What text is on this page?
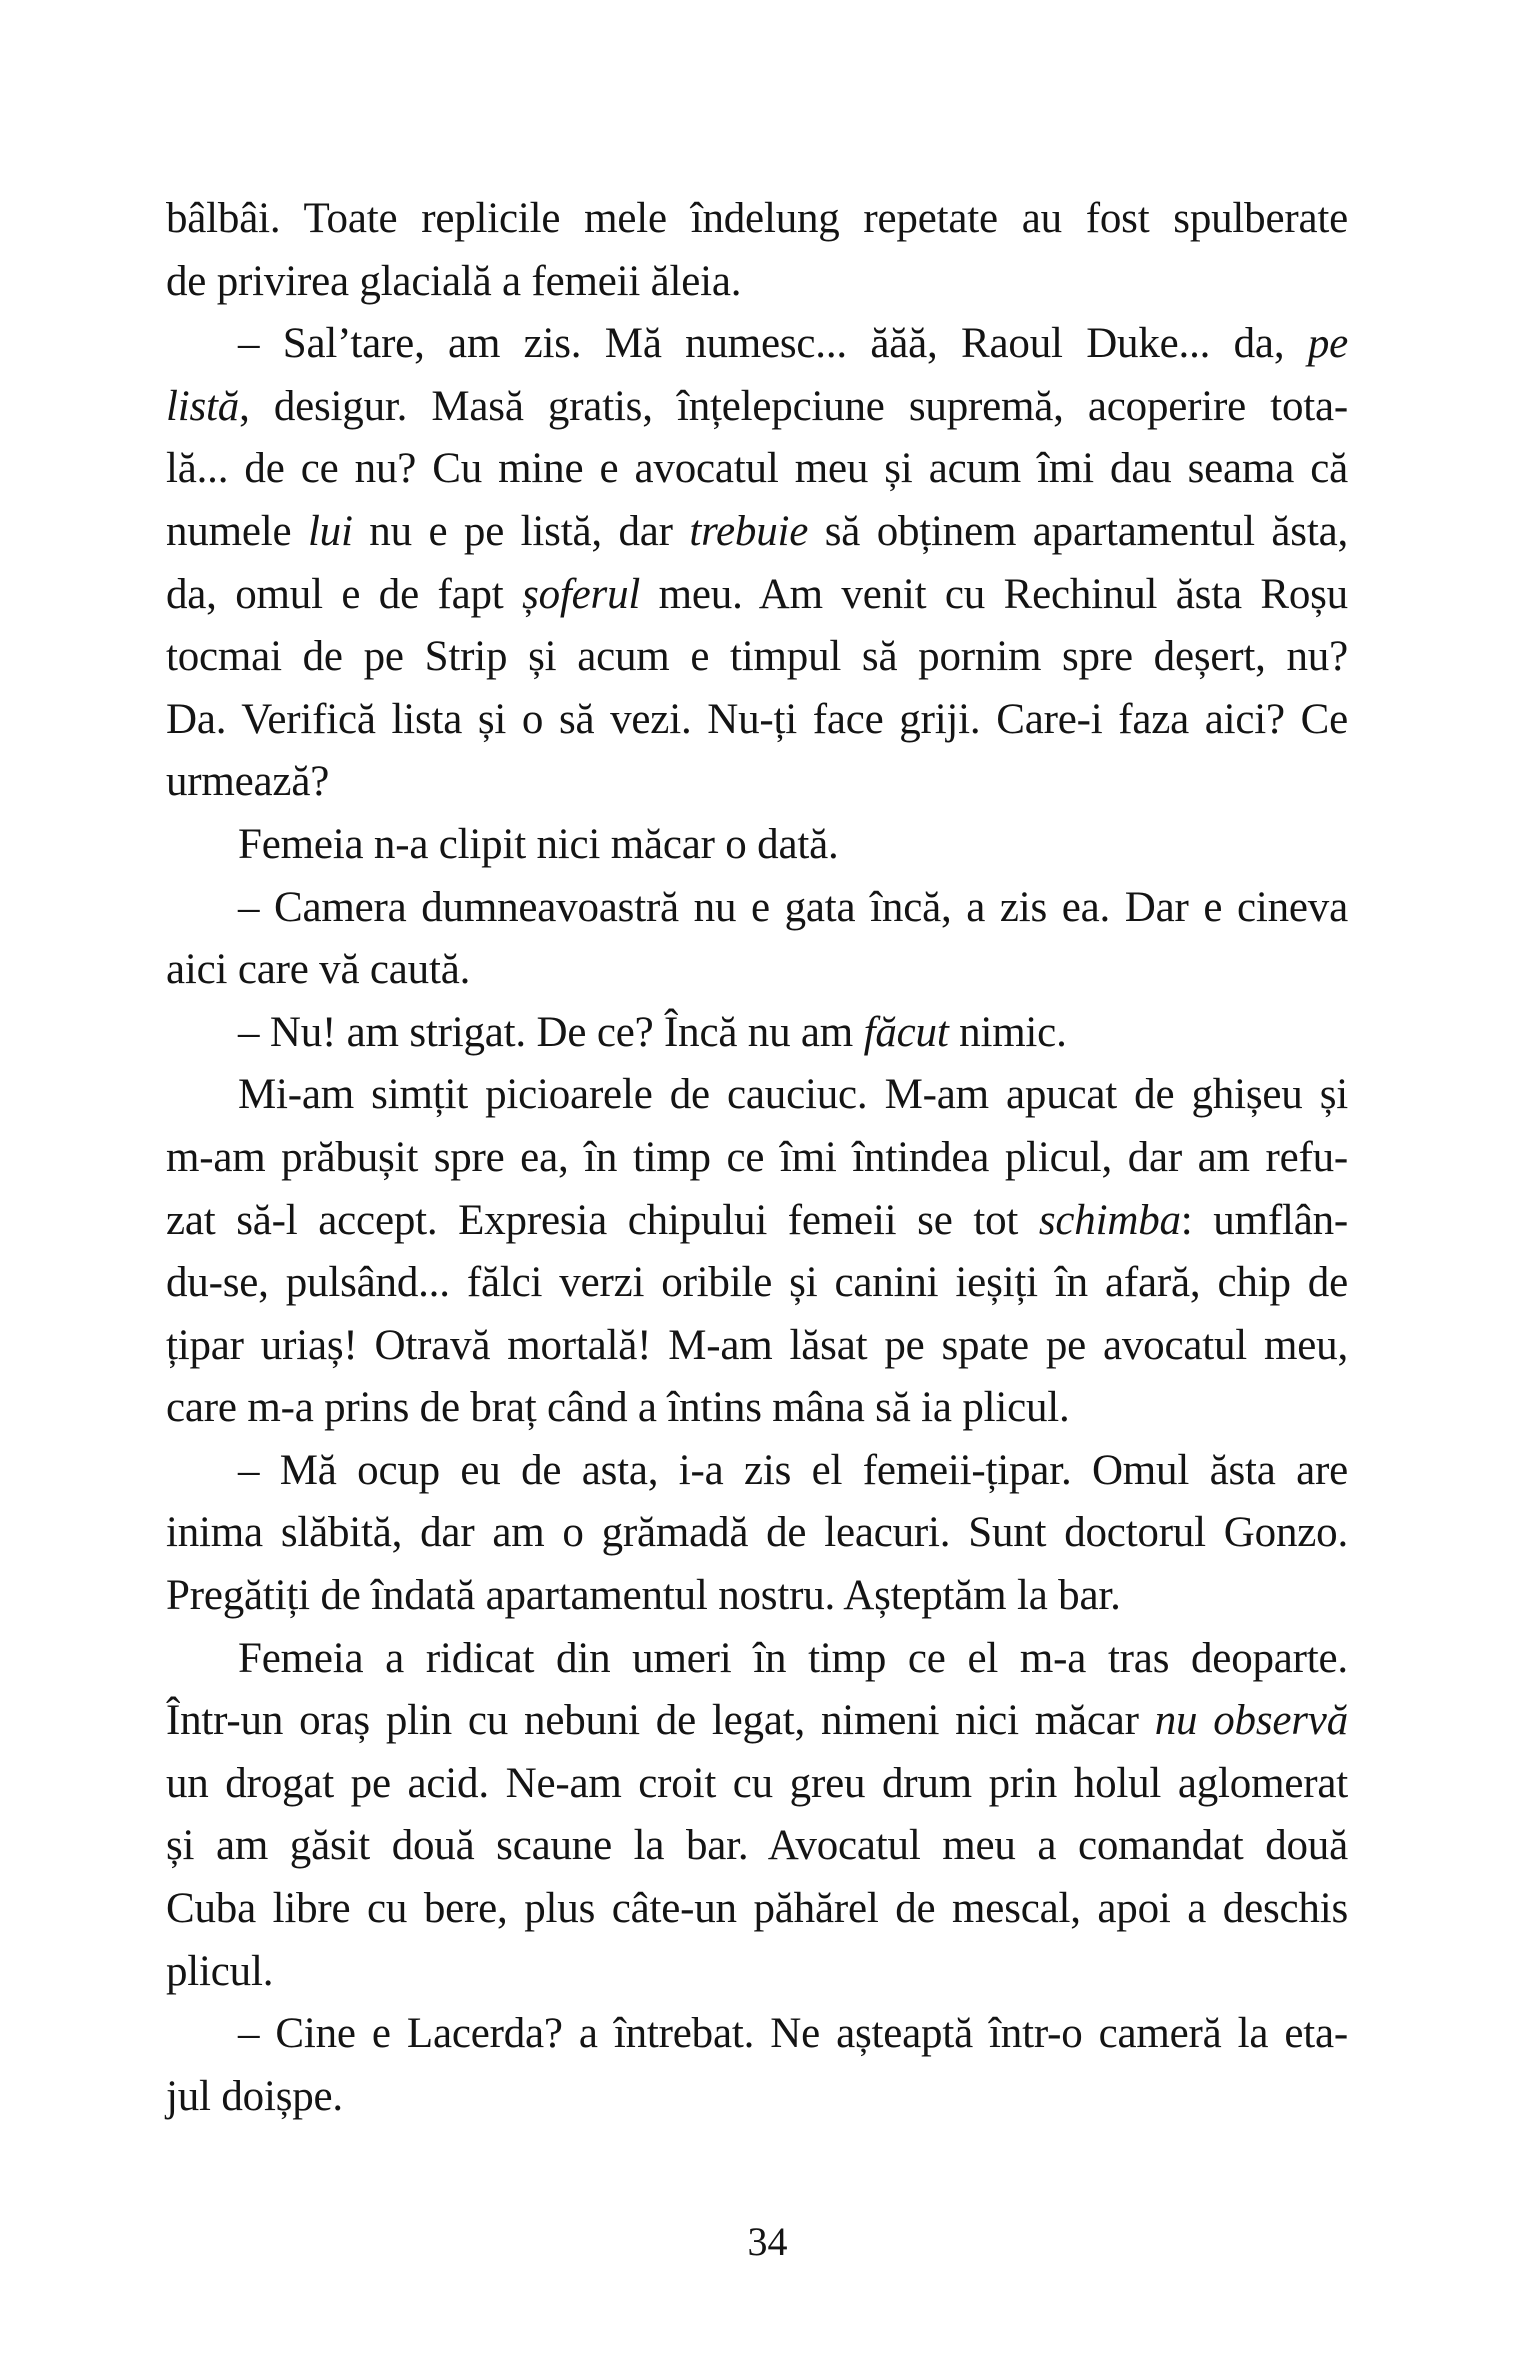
bâlbâi. Toate replicile mele îndelung repetate au fost spulberate
de privirea glacială a femeii ăleia.
– Sal’tare, am zis. Mă numesc... ăăă, Raoul Duke... da, pe
listă, desigur. Masă gratis, înțelepciune supremă, acoperire tota-
lă... de ce nu? Cu mine e avocatul meu și acum îmi dau seama că
numele lui nu e pe listă, dar trebuie să obținem apartamentul ăsta,
da, omul e de fapt șoferul meu. Am venit cu Rechinul ăsta Roșu
tocmai de pe Strip și acum e timpul să pornim spre deșert, nu?
Da. Verifică lista și o să vezi. Nu-ți face griji. Care-i faza aici? Ce
urmează?
Femeia n-a clipit nici măcar o dată.
– Camera dumneavoastră nu e gata încă, a zis ea. Dar e cineva
aici care vă caută.
– Nu! am strigat. De ce? Încă nu am făcut nimic.
Mi-am simțit picioarele de cauciuc. M-am apucat de ghișeu și
m-am prăbușit spre ea, în timp ce îmi întindea plicul, dar am refu-
zat să-l accept. Expresia chipului femeii se tot schimba: umflân-
du-se, pulsând... fălci verzi oribile și canini ieșiți în afară, chip de
țipar uriaș! Otravă mortală! M-am lăsat pe spate pe avocatul meu,
care m-a prins de braț când a întins mâna să ia plicul.
– Mă ocup eu de asta, i-a zis el femeii-țipar. Omul ăsta are
inima slăbită, dar am o grămadă de leacuri. Sunt doctorul Gonzo.
Pregătiți de îndată apartamentul nostru. Așteptăm la bar.
Femeia a ridicat din umeri în timp ce el m-a tras deoparte.
Într-un oraș plin cu nebuni de legat, nimeni nici măcar nu observă
un drogat pe acid. Ne-am croit cu greu drum prin holul aglomerat
și am găsit două scaune la bar. Avocatul meu a comandat două
Cuba libre cu bere, plus câte-un păhărel de mescal, apoi a deschis
plicul.
– Cine e Lacerda? a întrebat. Ne așteaptă într-o cameră la eta-
jul doișpe.
34
